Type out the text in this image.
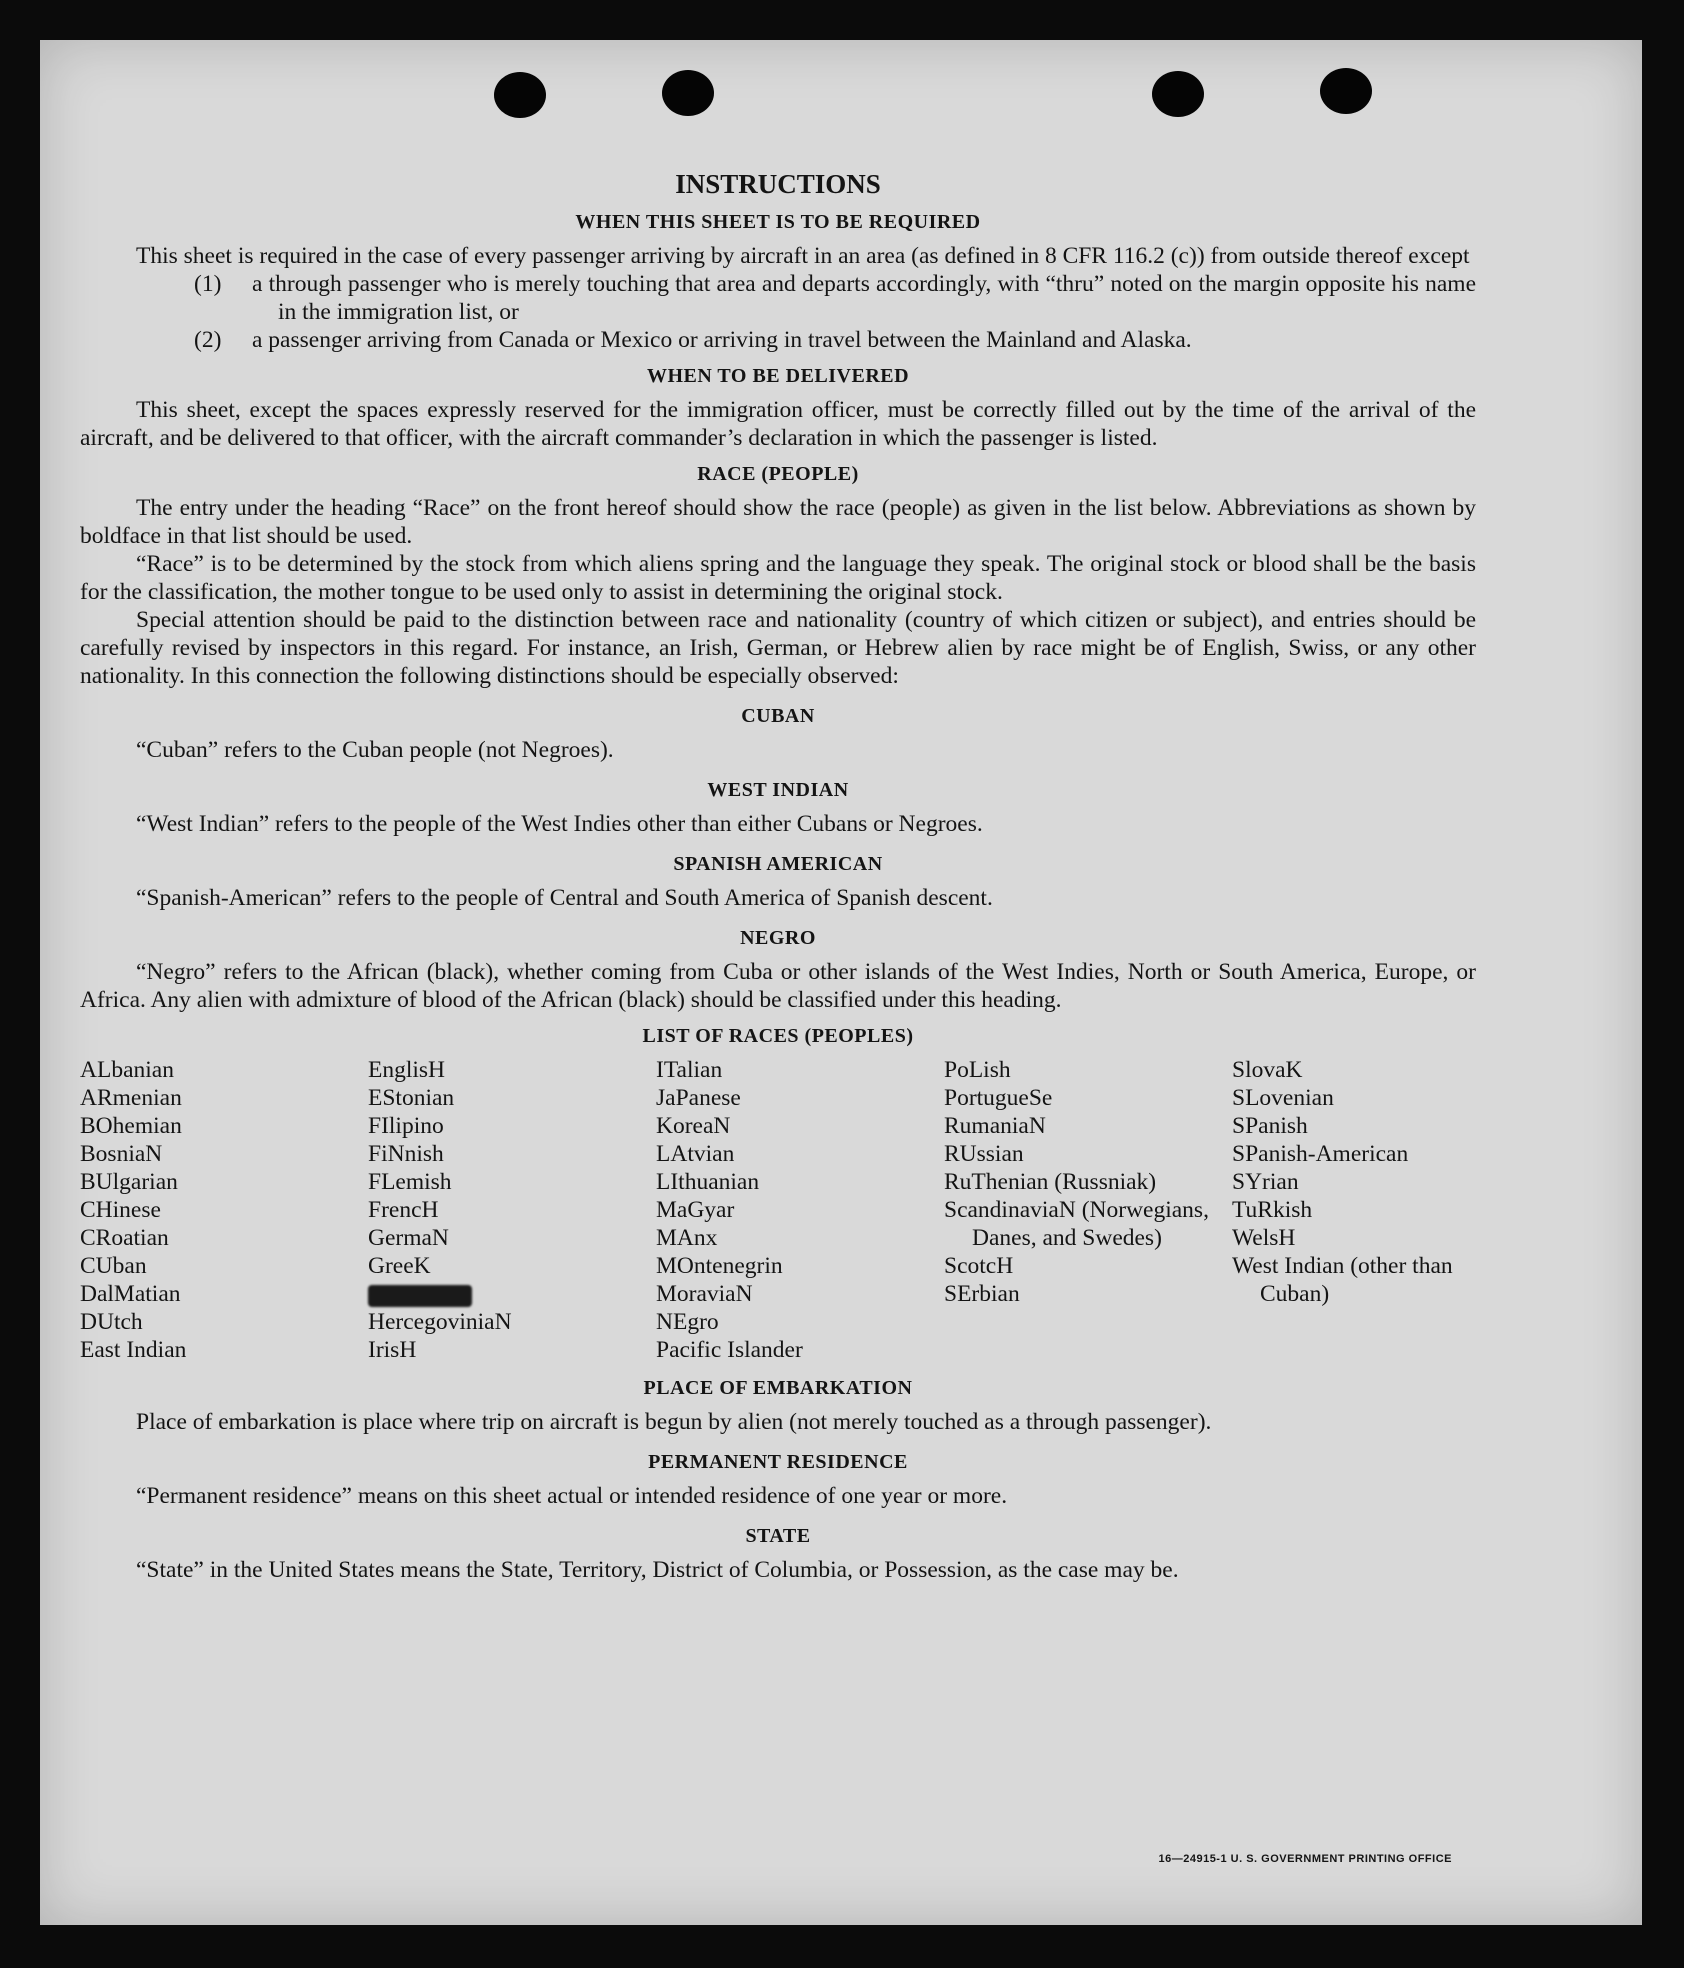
INSTRUCTIONS
WHEN THIS SHEET IS TO BE REQUIRED

This sheet is required in the case of every passenger arriving by aircraft in an area (as defined in 8 CFR 116.2 (c)) from outside thereof except

(1) a through passenger who is merely touching that area and departs accordingly, with “thru” noted on the margin opposite his name in the immigration list, or
(2) a passenger arriving from Canada or Mexico or arriving in travel between the Mainland and Alaska.
WHEN TO BE DELIVERED

This sheet, except the spaces expressly reserved for the immigration officer, must be correctly filled out by the time of the arrival of the aircraft, and be delivered to that officer, with the aircraft commander’s declaration in which the passenger is listed.

RACE (PEOPLE)

The entry under the heading “Race” on the front hereof should show the race (people) as given in the list below. Abbreviations as shown by boldface in that list should be used.

“Race” is to be determined by the stock from which aliens spring and the language they speak. The original stock or blood shall be the basis for the classification, the mother tongue to be used only to assist in determining the original stock.

Special attention should be paid to the distinction between race and nationality (country of which citizen or subject), and entries should be carefully revised by inspectors in this regard. For instance, an Irish, German, or Hebrew alien by race might be of English, Swiss, or any other nationality. In this connection the following distinctions should be especially observed:

CUBAN

“Cuban” refers to the Cuban people (not Negroes).

WEST INDIAN

“West Indian” refers to the people of the West Indies other than either Cubans or Negroes.

SPANISH AMERICAN

“Spanish-American” refers to the people of Central and South America of Spanish descent.

NEGRO

“Negro” refers to the African (black), whether coming from Cuba or other islands of the West Indies, North or South America, Europe, or Africa. Any alien with admixture of blood of the African (black) should be classified under this heading.

LIST OF RACES (PEOPLES)
ALbanian
ARmenian
BOhemian
BosniaN
BUlgarian
CHinese
CRoatian
CUban
DalMatian
DUtch
East Indian
EnglisH
EStonian
FIlipino
FiNnish
FLemish
FrencH
GermaN
GreeK
HercegoviniaN
IrisH
ITalian
JaPanese
KoreaN
LAtvian
LIthuanian
MaGyar
MAnx
MOntenegrin
MoraviaN
NEgro
Pacific Islander
PoLish
PortugueSe
RumaniaN
RUssian
RuThenian (Russniak)
ScandinaviaN (Norwegians, Danes, and Swedes)
ScotcH
SErbian
SlovaK
SLovenian
SPanish
SPanish-American
SYrian
TuRkish
WelsH
West Indian (other than Cuban)
PLACE OF EMBARKATION

Place of embarkation is place where trip on aircraft is begun by alien (not merely touched as a through passenger).

PERMANENT RESIDENCE

“Permanent residence” means on this sheet actual or intended residence of one year or more.

STATE

“State” in the United States means the State, Territory, District of Columbia, or Possession, as the case may be.

16—24915-1 U. S. GOVERNMENT PRINTING OFFICE
